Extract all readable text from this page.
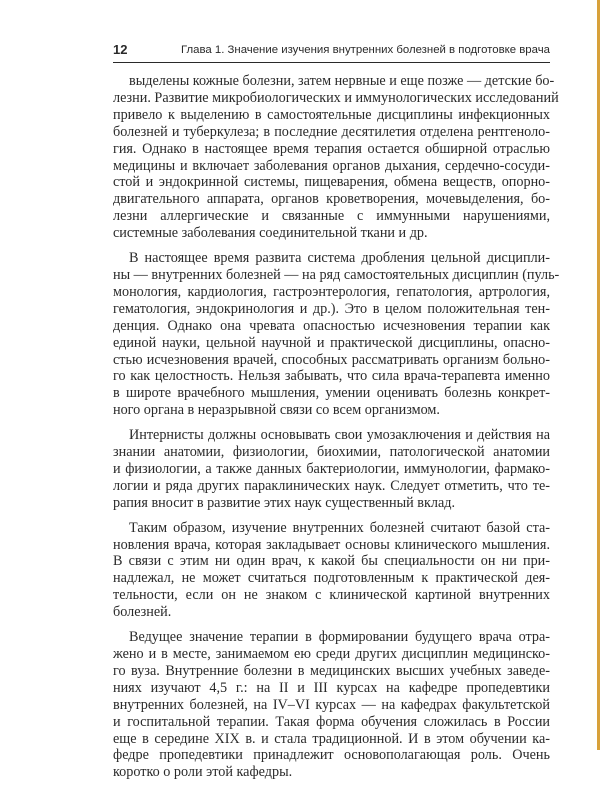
12	Глава 1. Значение изучения внутренних болезней в подготовке врача

выделены кожные болезни, затем нервные и еще позже — детские бо-
лезни. Развитие микробиологических и иммунологических исследований
привело к выделению в самостоятельные дисциплины инфекционных
болезней и туберкулеза; в последние десятилетия отделена рентгеноло-
гия. Однако в настоящее время терапия остается обширной отраслью
медицины и включает заболевания органов дыхания, сердечно-сосуди-
стой и эндокринной системы, пищеварения, обмена веществ, опорно-
двигательного аппарата, органов кроветворения, мочевыделения, бо-
лезни аллергические и связанные с иммунными нарушениями,
системные заболевания соединительной ткани и др.

В настоящее время развита система дробления цельной дисципли-
ны — внутренних болезней — на ряд самостоятельных дисциплин (пуль-
монология, кардиология, гастроэнтерология, гепатология, артрология,
гематология, эндокринология и др.). Это в целом положительная тен-
денция. Однако она чревата опасностью исчезновения терапии как
единой науки, цельной научной и практической дисциплины, опасно-
стью исчезновения врачей, способных рассматривать организм больно-
го как целостность. Нельзя забывать, что сила врача-терапевта именно
в широте врачебного мышления, умении оценивать болезнь конкрет-
ного органа в неразрывной связи со всем организмом.

Интернисты должны основывать свои умозаключения и действия на
знании анатомии, физиологии, биохимии, патологической анатомии
и физиологии, а также данных бактериологии, иммунологии, фармако-
логии и ряда других параклинических наук. Следует отметить, что те-
рапия вносит в развитие этих наук существенный вклад.

Таким образом, изучение внутренних болезней считают базой ста-
новления врача, которая закладывает основы клинического мышления.
В связи с этим ни один врач, к какой бы специальности он ни при-
надлежал, не может считаться подготовленным к практической дея-
тельности, если он не знаком с клинической картиной внутренних
болезней.

Ведущее значение терапии в формировании будущего врача отра-
жено и в месте, занимаемом ею среди других дисциплин медицинско-
го вуза. Внутренние болезни в медицинских высших учебных заведе-
ниях изучают 4,5 г.: на II и III курсах на кафедре пропедевтики
внутренних болезней, на IV–VI курсах — на кафедрах факультетской
и госпитальной терапии. Такая форма обучения сложилась в России
еще в середине XIX в. и стала традиционной. И в этом обучении ка-
федре пропедевтики принадлежит основополагающая роль. Очень
коротко о роли этой кафедры.
